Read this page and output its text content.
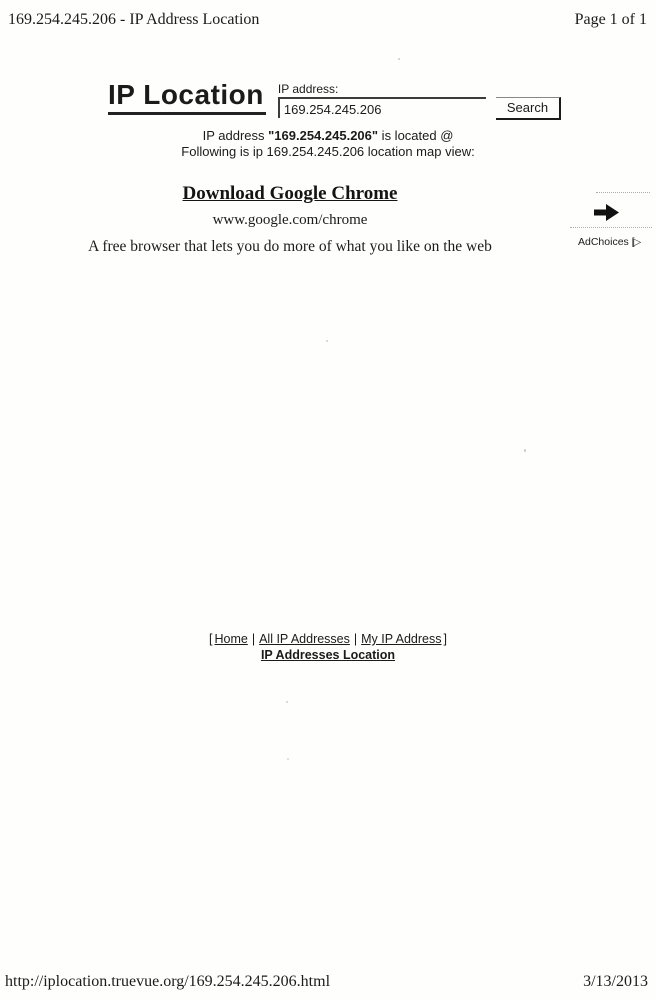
169.254.245.206 - IP Address Location	Page 1 of 1
IP Location IP address:
169.254.245.206
Search
IP address "169.254.245.206" is located @
Following is ip 169.254.245.206 location map view:
Download Google Chrome
www.google.com/chrome
A free browser that lets you do more of what you like on the web	AdChoices [▷
[ Home | All IP Addresses | My IP Address ]
IP Addresses Location
http://iplocation.truevue.org/169.254.245.206.html	3/13/2013
